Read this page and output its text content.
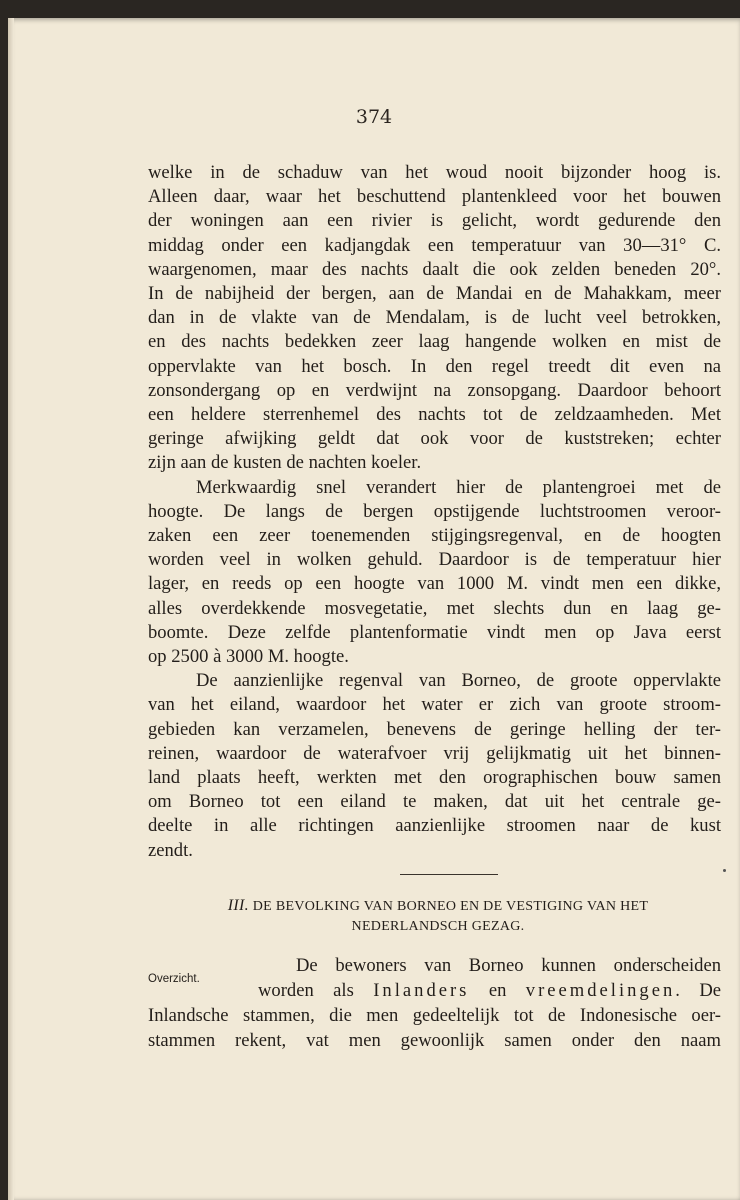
374
welke in de schaduw van het woud nooit bijzonder hoog is.
Alleen daar, waar het beschuttend plantenkleed voor het bouwen
der woningen aan een rivier is gelicht, wordt gedurende den
middag onder een kadjangdak een temperatuur van 30—31° C.
waargenomen, maar des nachts daalt die ook zelden beneden 20°.
In de nabijheid der bergen, aan de Mandai en de Mahakkam, meer
dan in de vlakte van de Mendalam, is de lucht veel betrokken,
en des nachts bedekken zeer laag hangende wolken en mist de
oppervlakte van het bosch. In den regel treedt dit even na
zonsondergang op en verdwijnt na zonsopgang. Daardoor behoort
een heldere sterrenhemel des nachts tot de zeldzaamheden. Met
geringe afwijking geldt dat ook voor de kuststreken; echter
zijn aan de kusten de nachten koeler.
Merkwaardig snel verandert hier de plantengroei met de
hoogte. De langs de bergen opstijgende luchtstroomen veroor-
zaken een zeer toenemenden stijgingsregenval, en de hoogten
worden veel in wolken gehuld. Daardoor is de temperatuur hier
lager, en reeds op een hoogte van 1000 M. vindt men een dikke,
alles overdekkende mosvegetatie, met slechts dun en laag ge-
boomte. Deze zelfde plantenformatie vindt men op Java eerst
op 2500 à 3000 M. hoogte.
De aanzienlijke regenval van Borneo, de groote oppervlakte
van het eiland, waardoor het water er zich van groote stroom-
gebieden kan verzamelen, benevens de geringe helling der ter-
reinen, waardoor de waterafvoer vrij gelijkmatig uit het binnen-
land plaats heeft, werkten met den orographischen bouw samen
om Borneo tot een eiland te maken, dat uit het centrale ge-
deelte in alle richtingen aanzienlijke stroomen naar de kust
zendt.
III. DE BEVOLKING VAN BORNEO EN DE VESTIGING VAN HET
NEDERLANDSCH GEZAG.
Overzicht.
De bewoners van Borneo kunnen onderscheiden
worden als Inlanders en vreemdelingen. De
Inlandsche stammen, die men gedeeltelijk tot de Indonesische oer-
stammen rekent, vat men gewoonlijk samen onder den naam
